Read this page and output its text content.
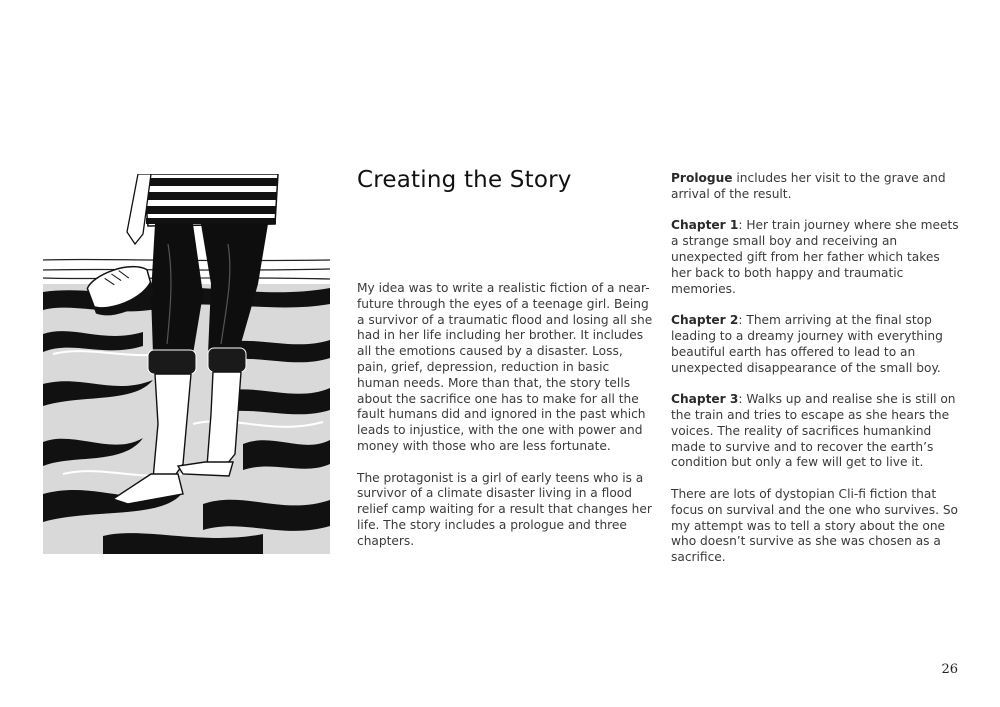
Creating the Story

My idea was to write a realistic fiction of a near-future through the eyes of a teenage girl. Being a survivor of a traumatic flood and losing all she had in her life including her brother. It includes all the emotions caused by a disaster. Loss, pain, grief, depression, reduction in basic human needs. More than that, the story tells about the sacrifice one has to make for all the fault humans did and ignored in the past which leads to injustice, with the one with power and money with those who are less fortunate.

The protagonist is a girl of early teens who is a survivor of a climate disaster living in a flood relief camp waiting for a result that changes her life. The story includes a prologue and three chapters.

Prologue includes her visit to the grave and arrival of the result.

Chapter 1: Her train journey where she meets a strange small boy and receiving an unexpected gift from her father which takes her back to both happy and traumatic memories.

Chapter 2: Them arriving at the final stop leading to a dreamy journey with everything beautiful earth has offered to lead to an unexpected disappearance of the small boy.

Chapter 3: Walks up and realise she is still on the train and tries to escape as she hears the voices. The reality of sacrifices humankind made to survive and to recover the earth’s condition but only a few will get to live it.

There are lots of dystopian Cli-fi fiction that focus on survival and the one who survives. So my attempt was to tell a story about the one who doesn’t survive as she was chosen as a sacrifice.

26
